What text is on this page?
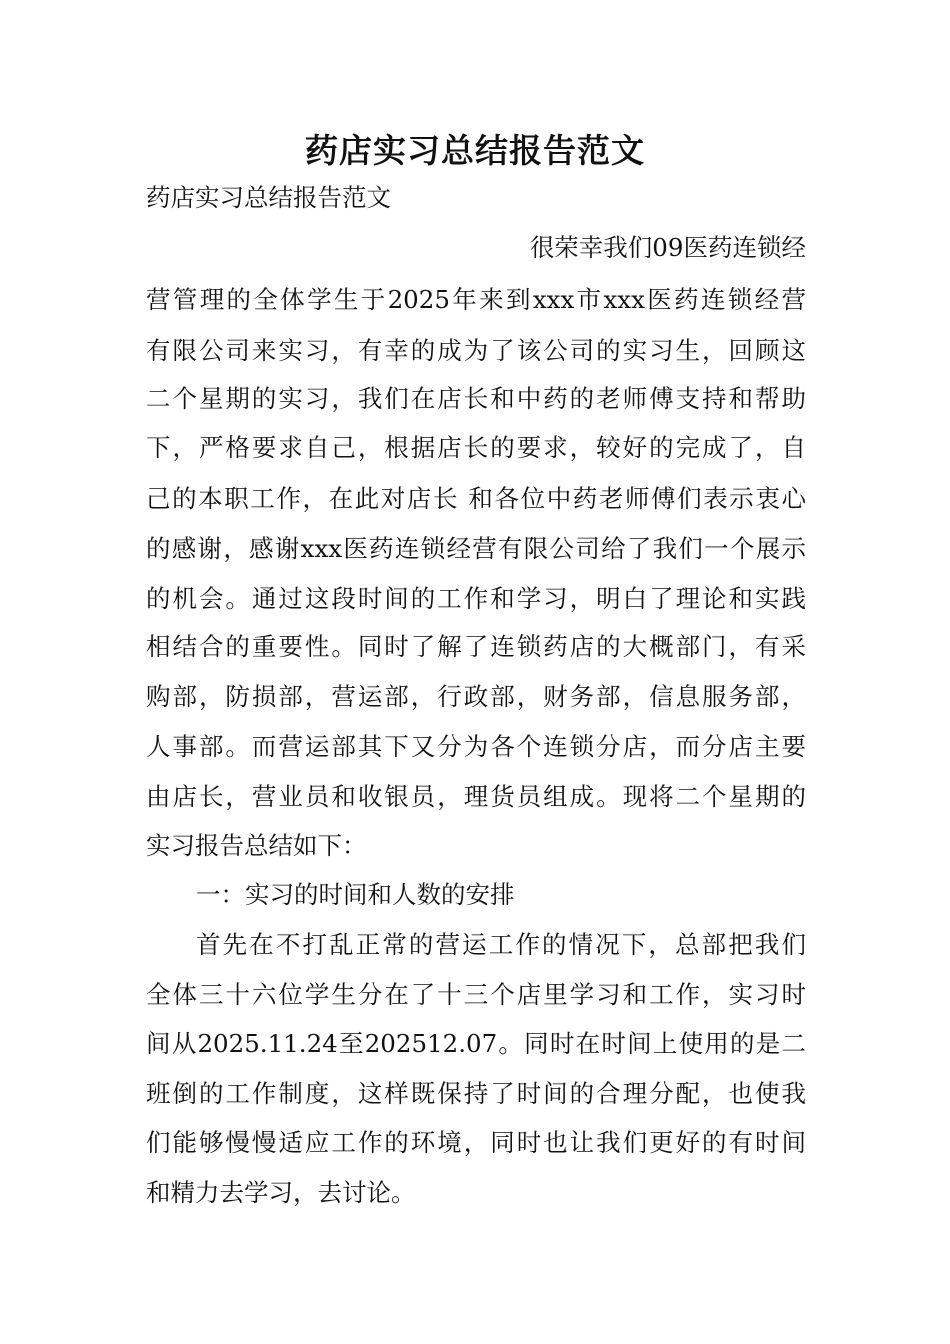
药店实习总结报告范文
药店实习总结报告范文
很荣幸我们09医药连锁经
营管理的全体学生于2025年来到xxx市xxx医药连锁经营
有限公司来实习，有幸的成为了该公司的实习生，回顾这
二个星期的实习，我们在店长和中药的老师傅支持和帮助
下，严格要求自己，根据店长的要求，较好的完成了，自
己的本职工作，在此对店长 和各位中药老师傅们表示衷心
的感谢，感谢xxx医药连锁经营有限公司给了我们一个展示
的机会。通过这段时间的工作和学习，明白了理论和实践
相结合的重要性。同时了解了连锁药店的大概部门，有采
购部，防损部，营运部，行政部，财务部，信息服务部，
人事部。而营运部其下又分为各个连锁分店，而分店主要
由店长，营业员和收银员，理货员组成。现将二个星期的
实习报告总结如下：
一：实习的时间和人数的安排
首先在不打乱正常的营运工作的情况下，总部把我们
全体三十六位学生分在了十三个店里学习和工作，实习时
间从2025.11.24至202512.07。同时在时间上使用的是二
班倒的工作制度，这样既保持了时间的合理分配，也使我
们能够慢慢适应工作的环境，同时也让我们更好的有时间
和精力去学习，去讨论。
